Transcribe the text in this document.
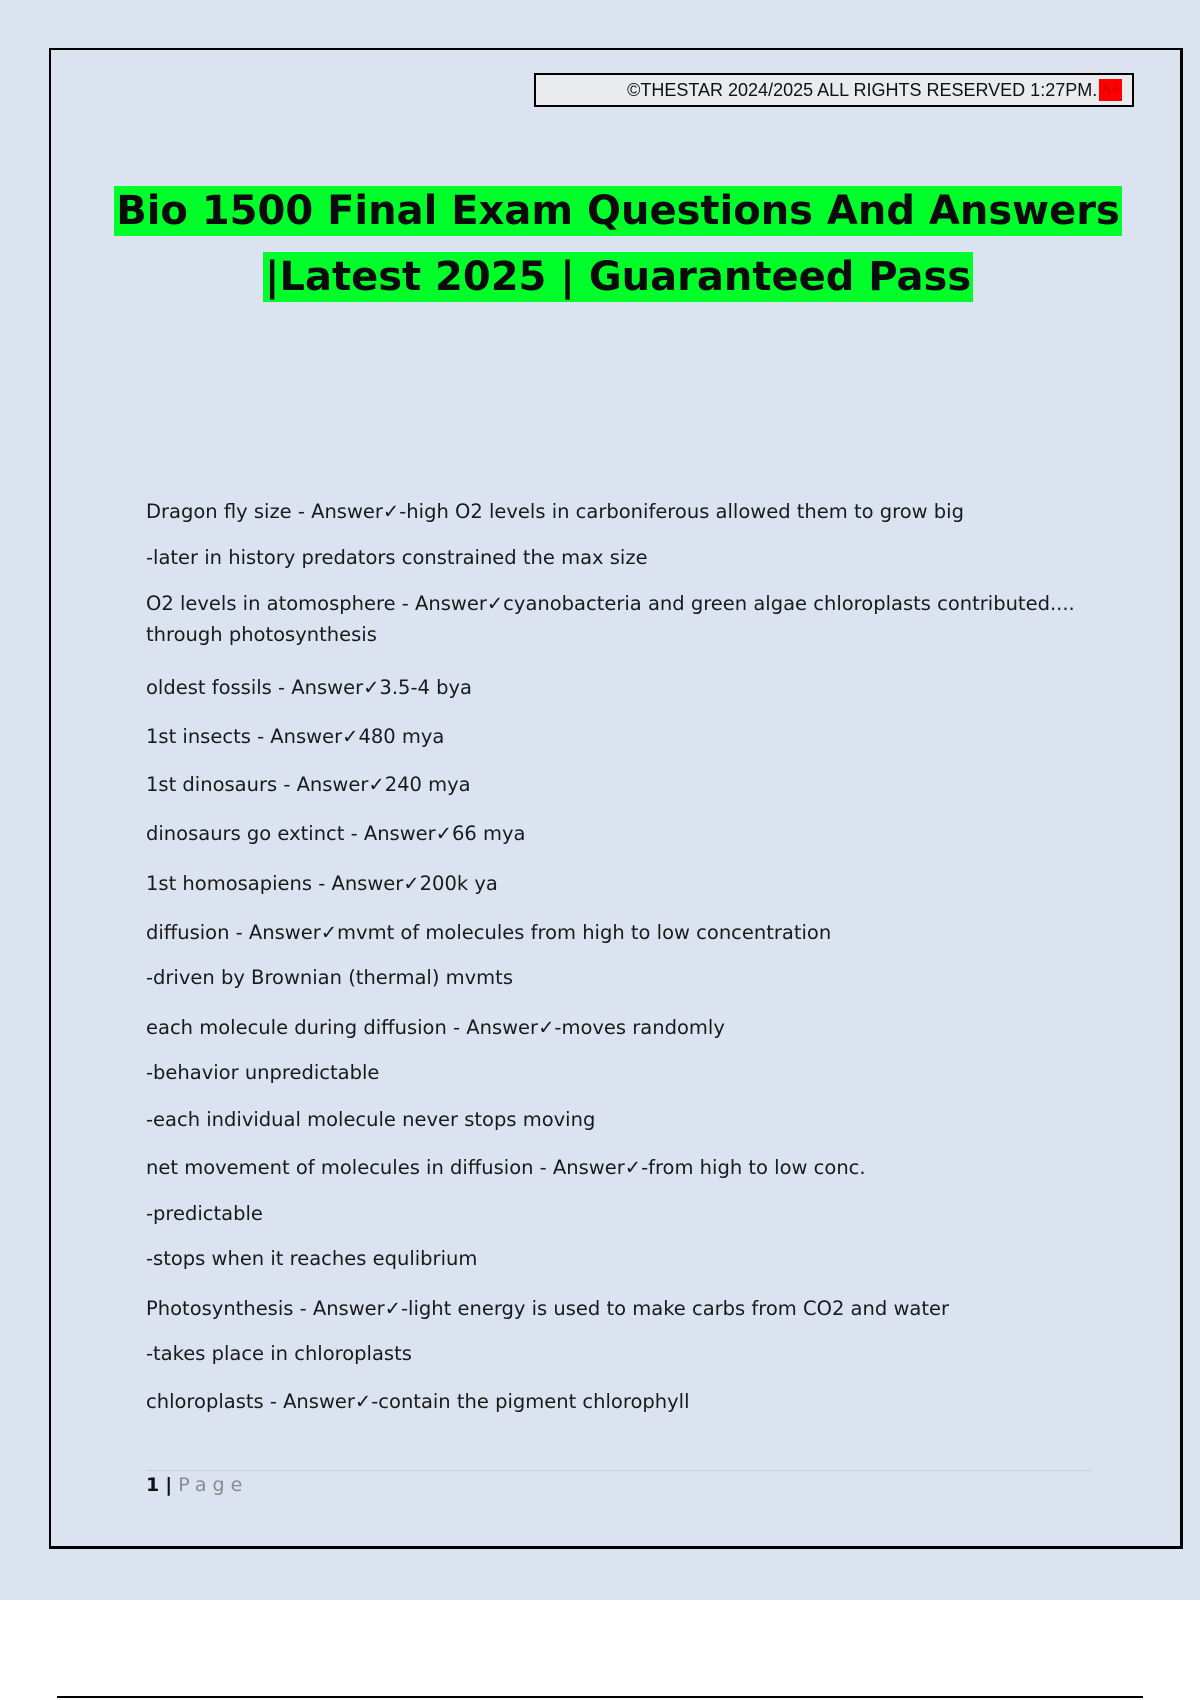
©THESTAR 2024/2025 ALL RIGHTS RESERVED 1:27PM. A+
Bio 1500 Final Exam Questions And Answers
|Latest 2025 | Guaranteed Pass
Dragon fly size - Answer✓-high O2 levels in carboniferous allowed them to grow big
-later in history predators constrained the max size
O2 levels in atomosphere - Answer✓cyanobacteria and green algae chloroplasts contributed.... through photosynthesis
oldest fossils - Answer✓3.5-4 bya
1st insects - Answer✓480 mya
1st dinosaurs - Answer✓240 mya
dinosaurs go extinct - Answer✓66 mya
1st homosapiens - Answer✓200k ya
diffusion - Answer✓mvmt of molecules from high to low concentration
-driven by Brownian (thermal) mvmts
each molecule during diffusion - Answer✓-moves randomly
-behavior unpredictable
-each individual molecule never stops moving
net movement of molecules in diffusion - Answer✓-from high to low conc.
-predictable
-stops when it reaches equlibrium
Photosynthesis - Answer✓-light energy is used to make carbs from CO2 and water
-takes place in chloroplasts
chloroplasts - Answer✓-contain the pigment chlorophyll
1 | Page
